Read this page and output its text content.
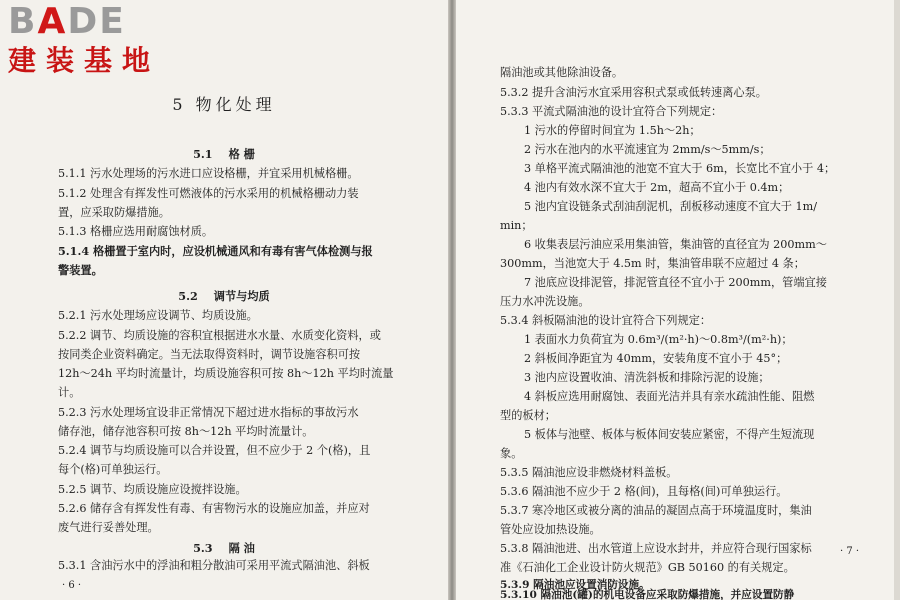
BADE
建装基地
5 物化处理
5.1 格 栅
5.1.1 污水处理场的污水进口应设格栅，并宜采用机械格栅。
5.1.2 处理含有挥发性可燃液体的污水采用的机械格栅动力装
置，应采取防爆措施。
5.1.3 格栅应选用耐腐蚀材质。
5.1.4 格栅置于室内时，应设机械通风和有毒有害气体检测与报
警装置。
5.2 调节与均质
5.2.1 污水处理场应设调节、均质设施。
5.2.2 调节、均质设施的容积宜根据进水水量、水质变化资料，或
按同类企业资料确定。当无法取得资料时，调节设施容积可按
12h～24h 平均时流量计，均质设施容积可按 8h～12h 平均时流量
计。
5.2.3 污水处理场宜设非正常情况下超过进水指标的事故污水
储存池，储存池容积可按 8h～12h 平均时流量计。
5.2.4 调节与均质设施可以合并设置，但不应少于 2 个(格)，且
每个(格)可单独运行。
5.2.5 调节、均质设施应设搅拌设施。
5.2.6 储存含有挥发性有毒、有害物污水的设施应加盖，并应对
废气进行妥善处理。
5.3 隔 油
5.3.1 含油污水中的浮油和粗分散油可采用平流式隔油池、斜板
· 6 ·
隔油池或其他除油设备。
5.3.2 提升含油污水宜采用容积式泵或低转速离心泵。
5.3.3 平流式隔油池的设计宜符合下列规定：
1 污水的停留时间宜为 1.5h～2h；
2 污水在池内的水平流速宜为 2mm/s～5mm/s；
3 单格平流式隔油池的池宽不宜大于 6m，长宽比不宜小于 4；
4 池内有效水深不宜大于 2m，超高不宜小于 0.4m；
5 池内宜设链条式刮油刮泥机，刮板移动速度不宜大于 1m/
min；
6 收集表层污油应采用集油管，集油管的直径宜为 200mm～
300mm，当池宽大于 4.5m 时，集油管串联不应超过 4 条；
7 池底应设排泥管，排泥管直径不宜小于 200mm，管端宜接
压力水冲洗设施。
5.3.4 斜板隔油池的设计宜符合下列规定：
1 表面水力负荷宜为 0.6m³/(m²·h)～0.8m³/(m²·h)；
2 斜板间净距宜为 40mm，安装角度不宜小于 45°；
3 池内应设置收油、清洗斜板和排除污泥的设施；
4 斜板应选用耐腐蚀、表面光洁并具有亲水疏油性能、阻燃
型的板材；
5 板体与池壁、板体与板体间安装应紧密，不得产生短流现
象。
5.3.5 隔油池应设非燃烧材料盖板。
5.3.6 隔油池不应少于 2 格(间)，且每格(间)可单独运行。
5.3.7 寒冷地区或被分离的油品的凝固点高于环境温度时，集油
管处应设加热设施。
5.3.8 隔油池进、出水管道上应设水封井，并应符合现行国家标
准《石油化工企业设计防火规范》GB 50160 的有关规定。
5.3.9 隔油池应设置消防设施。
5.3.10 隔油池(罐)的机电设备应采取防爆措施，并应设置防静
· 7 ·
